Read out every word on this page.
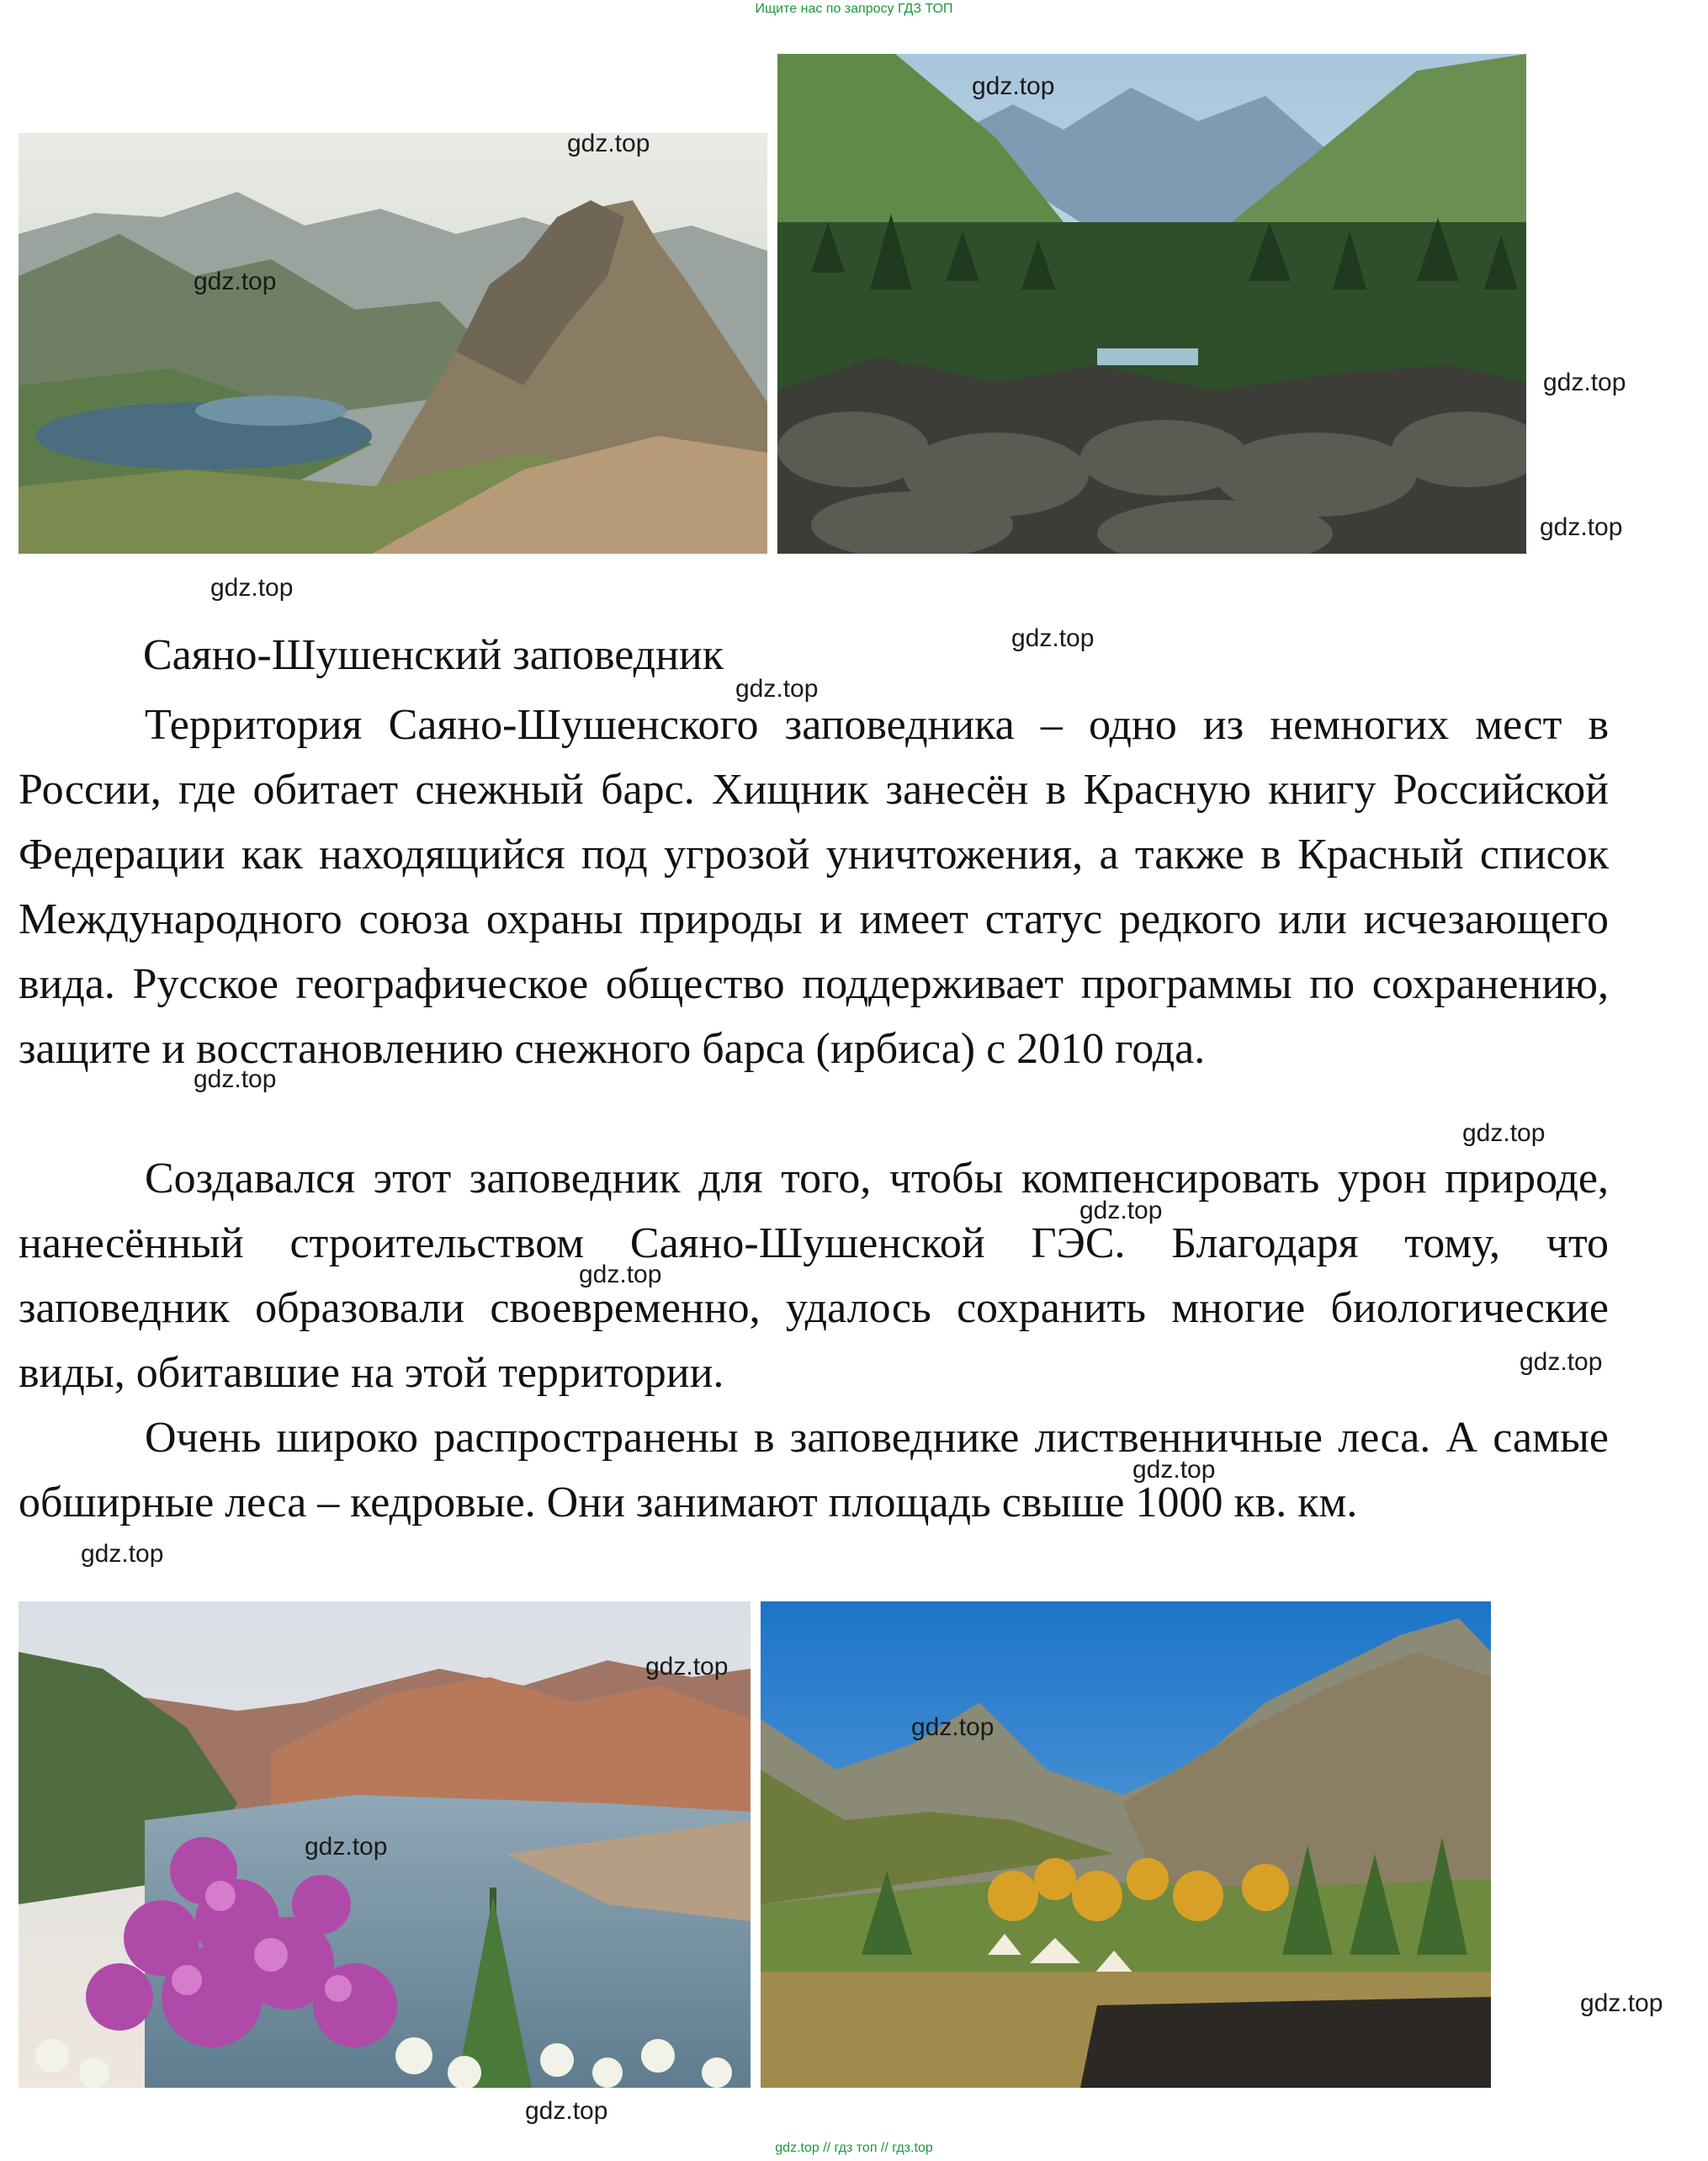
Ищите нас по запросу ГДЗ ТОП
gdz.top
gdz.top
gdz.top
gdz.top
gdz.top
gdz.top
gdz.top
gdz.top
Саяно-Шушенский заповедник

Территория Саяно-Шушенского заповедника – одно из немногих мест в России, где обитает снежный барс. Хищник занесён в Красную книгу Российской Федерации как находящийся под угрозой уничтожения, а также в Красный список Международного союза охраны природы и имеет статус редкого или исчезающего вида. Русское географическое общество поддерживает программы по сохранению, защите и восстановлению снежного барса (ирбиса) с 2010 года.

Создавался этот заповедник для того, чтобы компенсировать урон природе, нанесённый строительством Саяно-Шушенской ГЭС. Благодаря тому, что заповедник образовали своевременно, удалось сохранить многие биологические виды, обитавшие на этой территории.

Очень широко распространены в заповеднике лиственничные леса. А самые обширные леса – кедровые. Они занимают площадь свыше 1000 кв. км.

gdz.top
gdz.top
gdz.top
gdz.top
gdz.top
gdz.top
gdz.top
gdz.top
gdz.top
gdz.top
gdz.top
gdz.top
gdz.top // гдз топ // гдз.top
